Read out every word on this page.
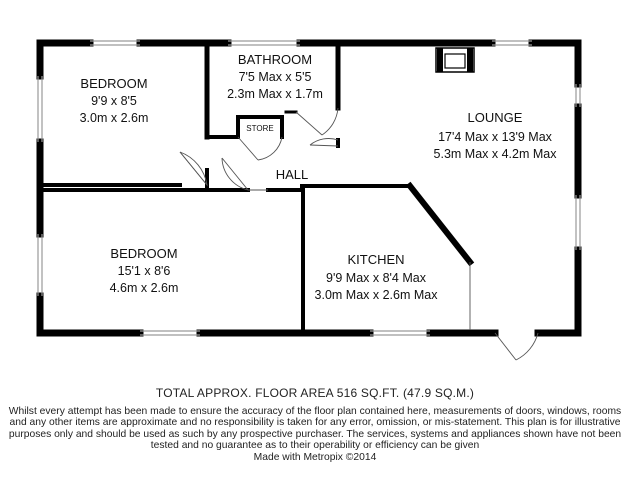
BEDROOM
9'9 x 8'5
3.0m x 2.6m
BATHROOM
7'5 Max x 5'5
2.3m Max x 1.7m
STORE
LOUNGE
17'4 Max x 13'9 Max
5.3m Max x 4.2m Max
HALL
BEDROOM
15'1 x 8'6
4.6m x 2.6m
KITCHEN
9'9 Max x 8'4 Max
3.0m Max x 2.6m Max
TOTAL APPROX. FLOOR AREA 516 SQ.FT. (47.9 SQ.M.)
Whilst every attempt has been made to ensure the accuracy of the floor plan contained here, measurements of doors, windows, rooms and any other items are approximate and no responsibility is taken for any error, omission, or mis-statement. This plan is for illustrative purposes only and should be used as such by any prospective purchaser. The services, systems and appliances shown have not been tested and no guarantee as to their operability or efficiency can be given
Made with Metropix ©2014
